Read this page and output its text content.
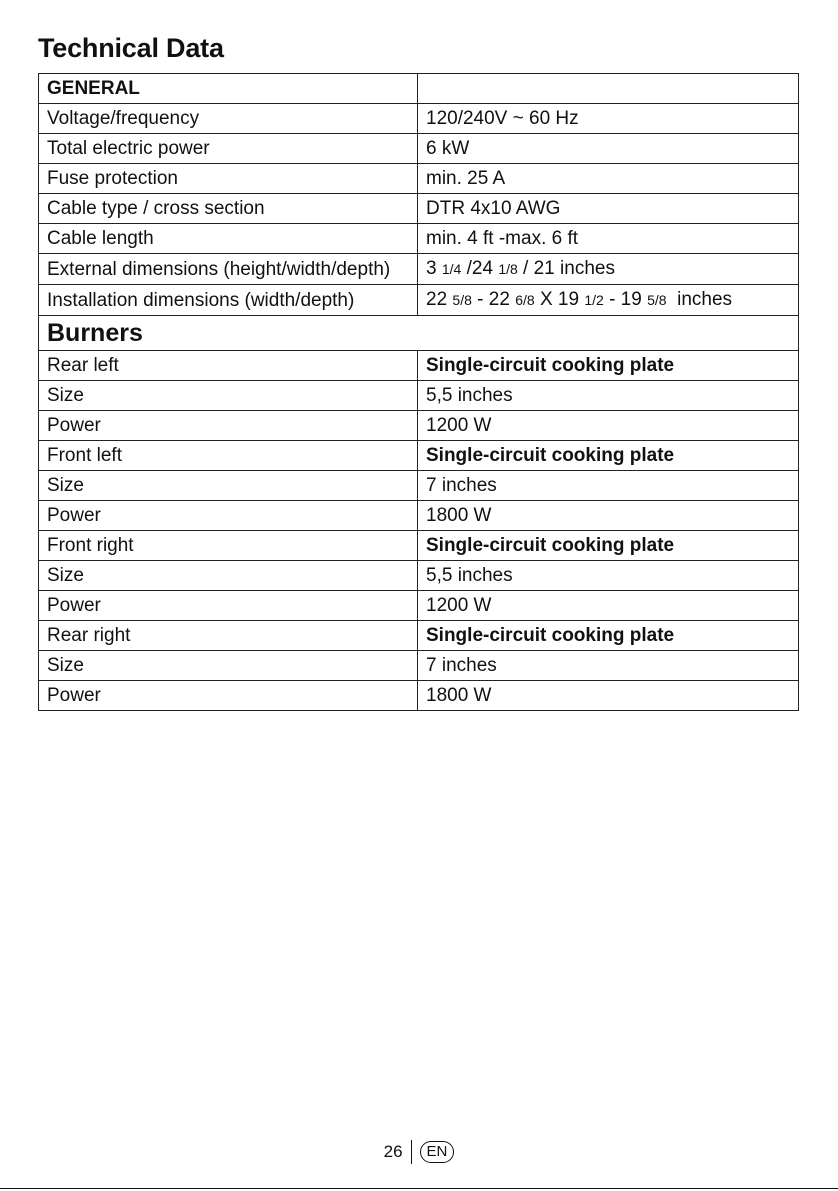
Technical Data
GENERAL	
Voltage/frequency	120/240V ~ 60 Hz
Total electric power	6 kW
Fuse protection	min. 25 A
Cable type / cross section	DTR 4x10 AWG
Cable length	min. 4 ft -max. 6 ft
External dimensions (height/width/depth)	3 1/4 /24 1/8 / 21 inches
Installation dimensions (width/depth)	22 5/8 - 22 6/8 X 19 1/2 - 19 5/8  inches
Burners	
Rear left	Single-circuit cooking plate
Size	5,5 inches
Power	1200 W
Front left	Single-circuit cooking plate
Size	7 inches
Power	1800 W
Front right	Single-circuit cooking plate
Size	5,5 inches
Power	1200 W
Rear right	Single-circuit cooking plate
Size	7 inches
Power	1800 W
26 EN
